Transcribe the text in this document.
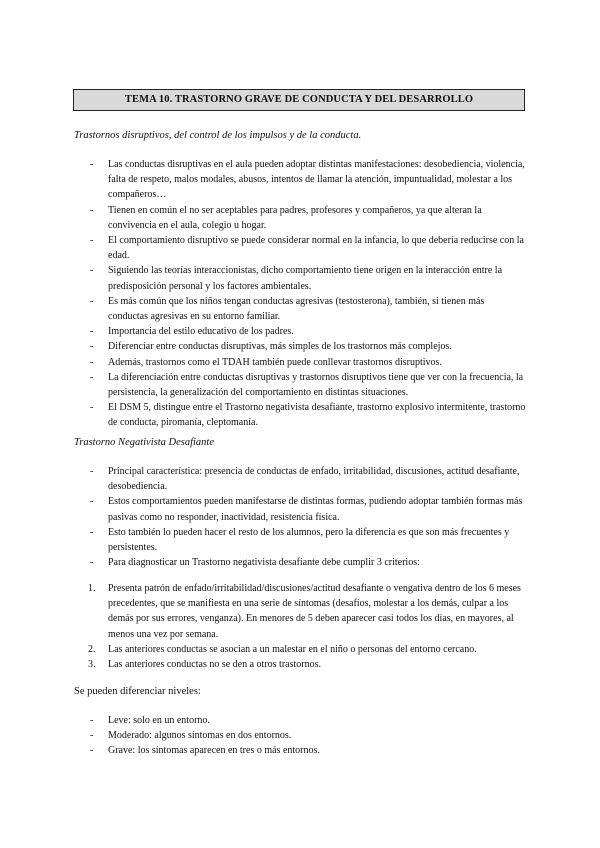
TEMA 10. TRASTORNO GRAVE DE CONDUCTA Y DEL DESARROLLO
Trastornos disruptivos, del control de los impulsos y de la conducta.
- Las conductas disruptivas en el aula pueden adoptar distintas manifestaciones: desobediencia, violencia, falta de respeto, malos modales, abusos, intentos de llamar la atención, impuntualidad, molestar a los compañeros…
- Tienen en común el no ser aceptables para padres, profesores y compañeros, ya que alteran la convivencia en el aula, colegio u hogar.
- El comportamiento disruptivo se puede considerar normal en la infancia, lo que debería reducirse con la edad.
- Siguiendo las teorías interaccionistas, dicho comportamiento tiene origen en la interacción entre la predisposición personal y los factores ambientales.
- Es más común que los niños tengan conductas agresivas (testosterona), también, si tienen más conductas agresivas en su entorno familiar.
- Importancia del estilo educativo de los padres.
- Diferenciar entre conductas disruptivas, más simples de los trastornos más complejos.
- Además, trastornos como el TDAH también puede conllevar trastornos disruptivos.
- La diferenciación entre conductas disruptivas y trastornos disruptivos tiene que ver con la frecuencia, la persistencia, la generalización del comportamiento en distintas situaciones.
- El DSM 5, distingue entre el Trastorno negativista desafiante, trastorno explosivo intermitente, trastorno de conducta, piromanía, cleptomanía.
Trastorno Negativista Desafiante
- Principal característica: presencia de conductas de enfado, irritabilidad, discusiones, actitud desafiante, desobediencia.
- Estos comportamientos pueden manifestarse de distintas formas, pudiendo adoptar también formas más pasivas como no responder, inactividad, resistencia física.
- Esto también lo pueden hacer el resto de los alumnos, pero la diferencia es que son más frecuentes y persistentes.
- Para diagnosticar un Trastorno negativista desafiante debe cumplir 3 criterios:
1. Presenta patrón de enfado/irritabilidad/discusiones/actitud desafiante o vengativa dentro de los 6 meses precedentes, que se manifiesta en una serie de síntomas (desafíos, molestar a los demás, culpar a los demás por sus errores, venganza). En menores de 5 deben aparecer casi todos los días, en mayores, al menos una vez por semana.
2. Las anteriores conductas se asocian a un malestar en el niño o personas del entorno cercano.
3. Las anteriores conductas no se den a otros trastornos.
Se pueden diferenciar niveles:
- Leve: solo en un entorno.
- Moderado: algunos síntomas en dos entornos.
- Grave: los síntomas aparecen en tres o más entornos.
